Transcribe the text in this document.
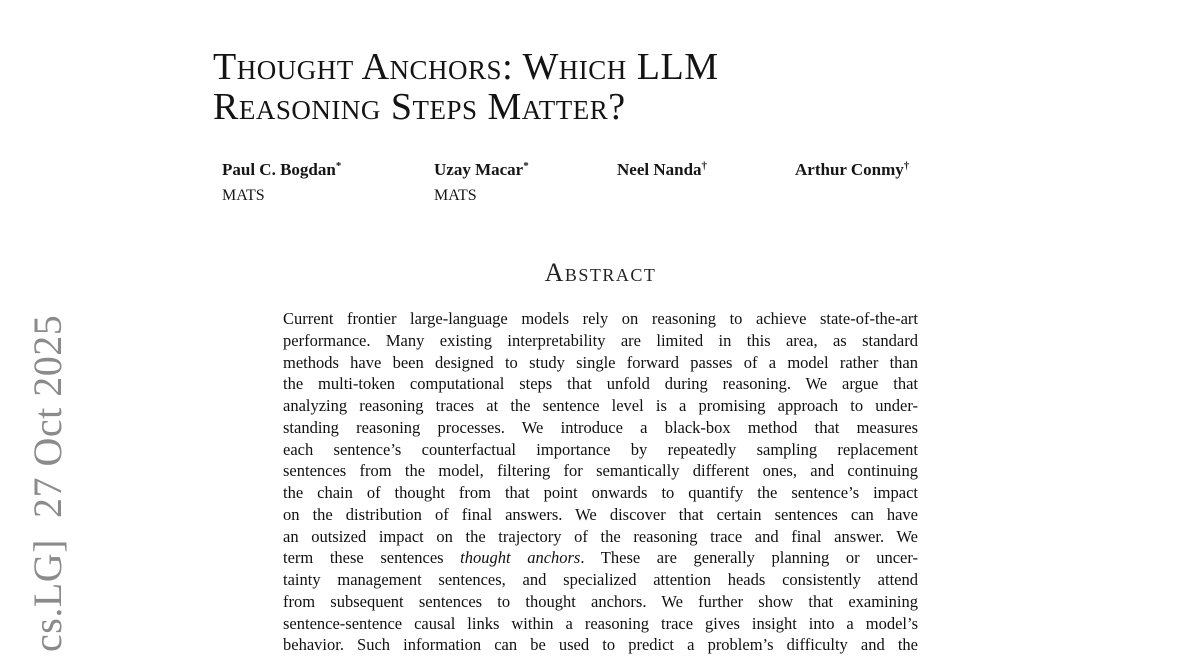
cs.LG]  27 Oct 2025
Thought Anchors: Which LLM
Reasoning Steps Matter?
Paul C. Bogdan*
MATS
Uzay Macar*
MATS
Neel Nanda†	Arthur Conmy†
Abstract
Current frontier large-language models rely on reasoning to achieve state-of-the-art
performance. Many existing interpretability are limited in this area, as standard
methods have been designed to study single forward passes of a model rather than
the multi-token computational steps that unfold during reasoning. We argue that
analyzing reasoning traces at the sentence level is a promising approach to under-
standing reasoning processes. We introduce a black-box method that measures
each sentence’s counterfactual importance by repeatedly sampling replacement
sentences from the model, filtering for semantically different ones, and continuing
the chain of thought from that point onwards to quantify the sentence’s impact
on the distribution of final answers. We discover that certain sentences can have
an outsized impact on the trajectory of the reasoning trace and final answer. We
term these sentences thought anchors. These are generally planning or uncer-
tainty management sentences, and specialized attention heads consistently attend
from subsequent sentences to thought anchors. We further show that examining
sentence-sentence causal links within a reasoning trace gives insight into a model’s
behavior. Such information can be used to predict a problem’s difficulty and the
